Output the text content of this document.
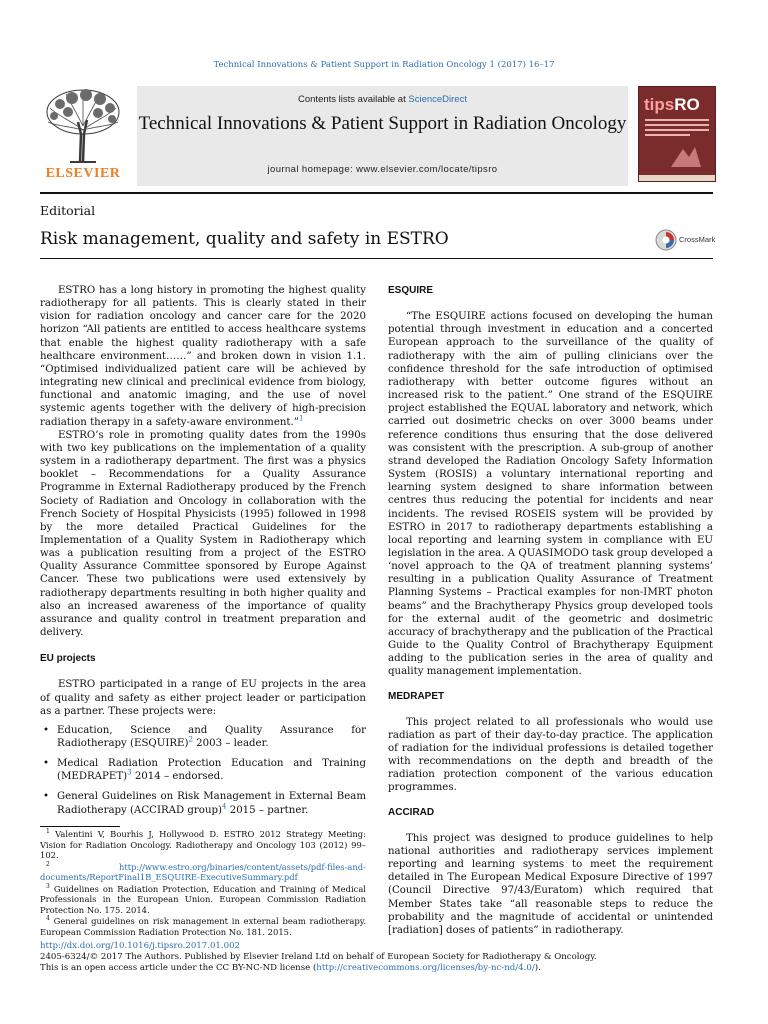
Technical Innovations & Patient Support in Radiation Oncology 1 (2017) 16–17
ELSEVIER
Contents lists available at ScienceDirect
Technical Innovations & Patient Support in Radiation Oncology
journal homepage: www.elsevier.com/locate/tipsro
tipsRO
Editorial
Risk management, quality and safety in ESTRO	CrossMark

ESTRO has a long history in promoting the highest quality radiotherapy for all patients. This is clearly stated in their vision for radiation oncology and cancer care for the 2020 horizon “All patients are entitled to access healthcare systems that enable the highest quality radiotherapy with a safe healthcare environment……” and broken down in vision 1.1. “Optimised individualized patient care will be achieved by integrating new clinical and preclinical evidence from biology, functional and anatomic imaging, and the use of novel systemic agents together with the delivery of high-precision radiation therapy in a safety-aware environment.”$^1$

ESTRO’s role in promoting quality dates from the 1990s with two key publications on the implementation of a quality system in a radiotherapy department. The first was a physics booklet – Recommendations for a Quality Assurance Programme in External Radiotherapy produced by the French Society of Radiation and Oncology in collaboration with the French Society of Hospital Physicists (1995) followed in 1998 by the more detailed Practical Guidelines for the Implementation of a Quality System in Radiotherapy which was a publication resulting from a project of the ESTRO Quality Assurance Committee sponsored by Europe Against Cancer. These two publications were used extensively by radiotherapy departments resulting in both higher quality and also an increased awareness of the importance of quality assurance and quality control in treatment preparation and delivery.

EU projects

ESTRO participated in a range of EU projects in the area of quality and safety as either project leader or participation as a partner. These projects were:

• Education, Science and Quality Assurance for Radiotherapy (ESQUIRE)$^2$ 2003 – leader.
• Medical Radiation Protection Education and Training (MEDRAPET)$^3$ 2014 – endorsed.
• General Guidelines on Risk Management in External Beam Radiotherapy (ACCIRAD group)$^4$ 2015 – partner.

$^1$ Valentini V, Bourhis J, Hollywood D. ESTRO 2012 Strategy Meeting: Vision for Radiation Oncology. Radiotherapy and Oncology 103 (2012) 99–102.

$^2$	http://www.estro.org/binaries/content/assets/pdf-files-and-documents/ReportFinal1B_ESQUIRE-ExecutiveSummary.pdf

$^3$ Guidelines on Radiation Protection, Education and Training of Medical Professionals in the European Union. European Commission Radiation Protection No. 175. 2014.

$^4$ General guidelines on risk management in external beam radiotherapy. European Commission Radiation Protection No. 181. 2015.

ESQUIRE

“The ESQUIRE actions focused on developing the human potential through investment in education and a concerted European approach to the surveillance of the quality of radiotherapy with the aim of pulling clinicians over the confidence threshold for the safe introduction of optimised radiotherapy with better outcome figures without an increased risk to the patient.” One strand of the ESQUIRE project established the EQUAL laboratory and network, which carried out dosimetric checks on over 3000 beams under reference conditions thus ensuring that the dose delivered was consistent with the prescription. A sub-group of another strand developed the Radiation Oncology Safety Information System (ROSIS) a voluntary international reporting and learning system designed to share information between centres thus reducing the potential for incidents and near incidents. The revised ROSEIS system will be provided by ESTRO in 2017 to radiotherapy departments establishing a local reporting and learning system in compliance with EU legislation in the area. A QUASIMODO task group developed a ‘novel approach to the QA of treatment planning systems’ resulting in a publication Quality Assurance of Treatment Planning Systems – Practical examples for non-IMRT photon beams” and the Brachytherapy Physics group developed tools for the external audit of the geometric and dosimetric accuracy of brachytherapy and the publication of the Practical Guide to the Quality Control of Brachytherapy Equipment adding to the publication series in the area of quality and quality management implementation.

MEDRAPET

This project related to all professionals who would use radiation as part of their day-to-day practice. The application of radiation for the individual professions is detailed together with recommendations on the depth and breadth of the radiation protection component of the various education programmes.

ACCIRAD

This project was designed to produce guidelines to help national authorities and radiotherapy services implement reporting and learning systems to meet the requirement detailed in The European Medical Exposure Directive of 1997 (Council Directive 97/43/Euratom) which required that Member States take “all reasonable steps to reduce the probability and the magnitude of accidental or unintended [radiation] doses of patients” in radiotherapy.

http://dx.doi.org/10.1016/j.tipsro.2017.01.002
2405-6324/© 2017 The Authors. Published by Elsevier Ireland Ltd on behalf of European Society for Radiotherapy & Oncology.
This is an open access article under the CC BY-NC-ND license (http://creativecommons.org/licenses/by-nc-nd/4.0/).
